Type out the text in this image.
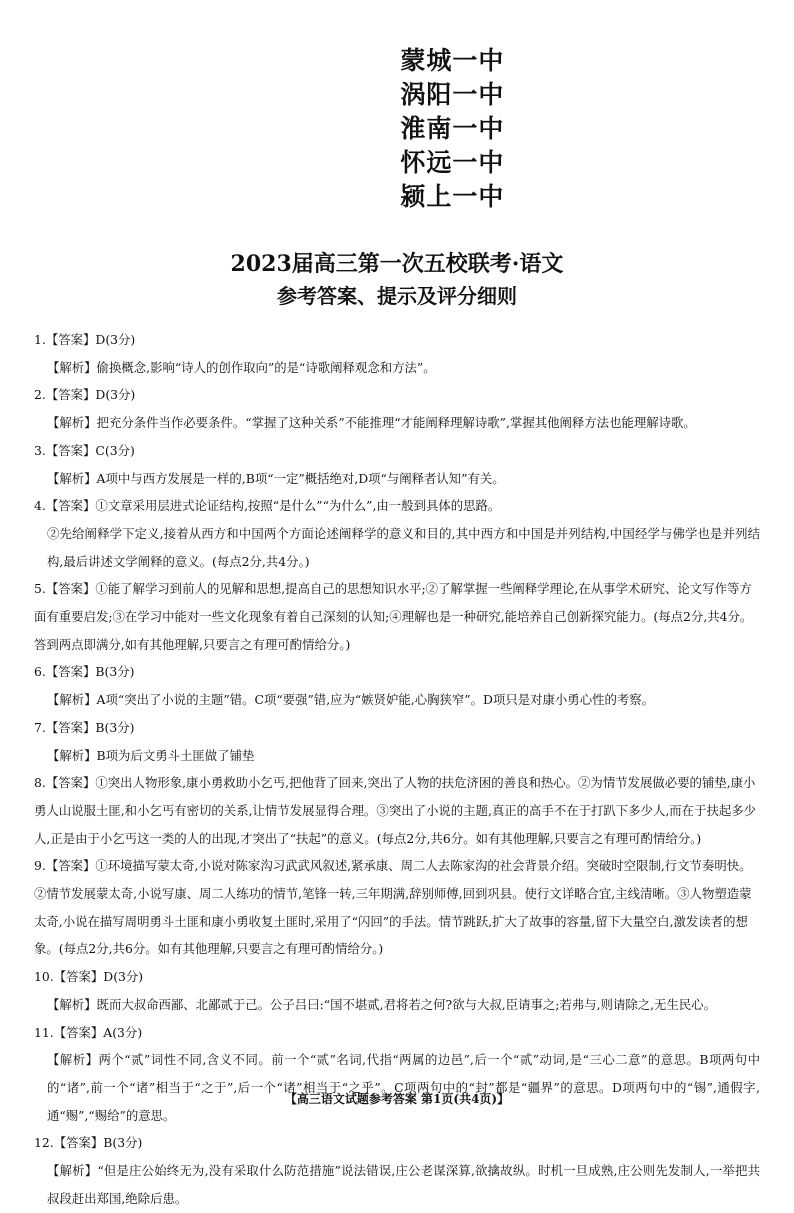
蒙城一中
涡阳一中
淮南一中
怀远一中
颍上一中

2023届高三第一次五校联考·语文
参考答案、提示及评分细则
1.【答案】D(3分)
【解析】偷换概念,影响“诗人的创作取向”的是“诗歌阐释观念和方法”。
2.【答案】D(3分)
【解析】把充分条件当作必要条件。“掌握了这种关系”不能推理“才能阐释理解诗歌”,掌握其他阐释方法也能理解诗歌。
3.【答案】C(3分)
【解析】A项中与西方发展是一样的,B项“一定”概括绝对,D项“与阐释者认知”有关。
4.【答案】①文章采用层进式论证结构,按照“是什么”“为什么”,由一般到具体的思路。
②先给阐释学下定义,接着从西方和中国两个方面论述阐释学的意义和目的,其中西方和中国是并列结构,中国经学与佛学也是并列结构,最后讲述文学阐释的意义。(每点2分,共4分。)
5.【答案】①能了解学习到前人的见解和思想,提高自己的思想知识水平;②了解掌握一些阐释学理论,在从事学术研究、论文写作等方面有重要启发;③在学习中能对一些文化现象有着自己深刻的认知;④理解也是一种研究,能培养自己创新探究能力。(每点2分,共4分。答到两点即满分,如有其他理解,只要言之有理可酌情给分。)
6.【答案】B(3分)
【解析】A项“突出了小说的主题”错。C项“要强”错,应为“嫉贤妒能,心胸狭窄”。D项只是对康小勇心性的考察。
7.【答案】B(3分)
【解析】B项为后文勇斗土匪做了铺垫
8.【答案】①突出人物形象,康小勇救助小乞丐,把他背了回来,突出了人物的扶危济困的善良和热心。②为情节发展做必要的铺垫,康小勇人山说服土匪,和小乞丐有密切的关系,让情节发展显得合理。③突出了小说的主题,真正的高手不在于打趴下多少人,而在于扶起多少人,正是由于小乞丐这一类的人的出现,才突出了“扶起”的意义。(每点2分,共6分。如有其他理解,只要言之有理可酌情给分。)
9.【答案】①环境描写蒙太奇,小说对陈家沟习武武风叙述,紧承康、周二人去陈家沟的社会背景介绍。突破时空限制,行文节奏明快。②情节发展蒙太奇,小说写康、周二人练功的情节,笔锋一转,三年期满,辞别师傅,回到巩县。使行文详略合宜,主线清晰。③人物塑造蒙太奇,小说在描写周明勇斗土匪和康小勇收复土匪时,采用了“闪回”的手法。情节跳跃,扩大了故事的容量,留下大量空白,激发读者的想象。(每点2分,共6分。如有其他理解,只要言之有理可酌情给分。)
10.【答案】D(3分)
【解析】既而大叔命西鄙、北鄙贰于己。公子吕曰:“国不堪贰,君将若之何?欲与大叔,臣请事之;若弗与,则请除之,无生民心。
11.【答案】A(3分)
【解析】两个“贰”词性不同,含义不同。前一个“贰”名词,代指“两属的边邑”,后一个“贰”动词,是“三心二意”的意思。B项两句中的“诸”,前一个“诸”相当于“之于”,后一个“诸”相当于“之乎”。C项两句中的“封”都是“疆界”的意思。D项两句中的“锡”,通假字,通“赐”,“赐给”的意思。
12.【答案】B(3分)
【解析】“但是庄公始终无为,没有采取什么防范措施”说法错误,庄公老谋深算,欲擒故纵。时机一旦成熟,庄公则先发制人,一举把共叔段赶出郑国,绝除后患。
【高三语文试题参考答案 第1页(共4页)】
